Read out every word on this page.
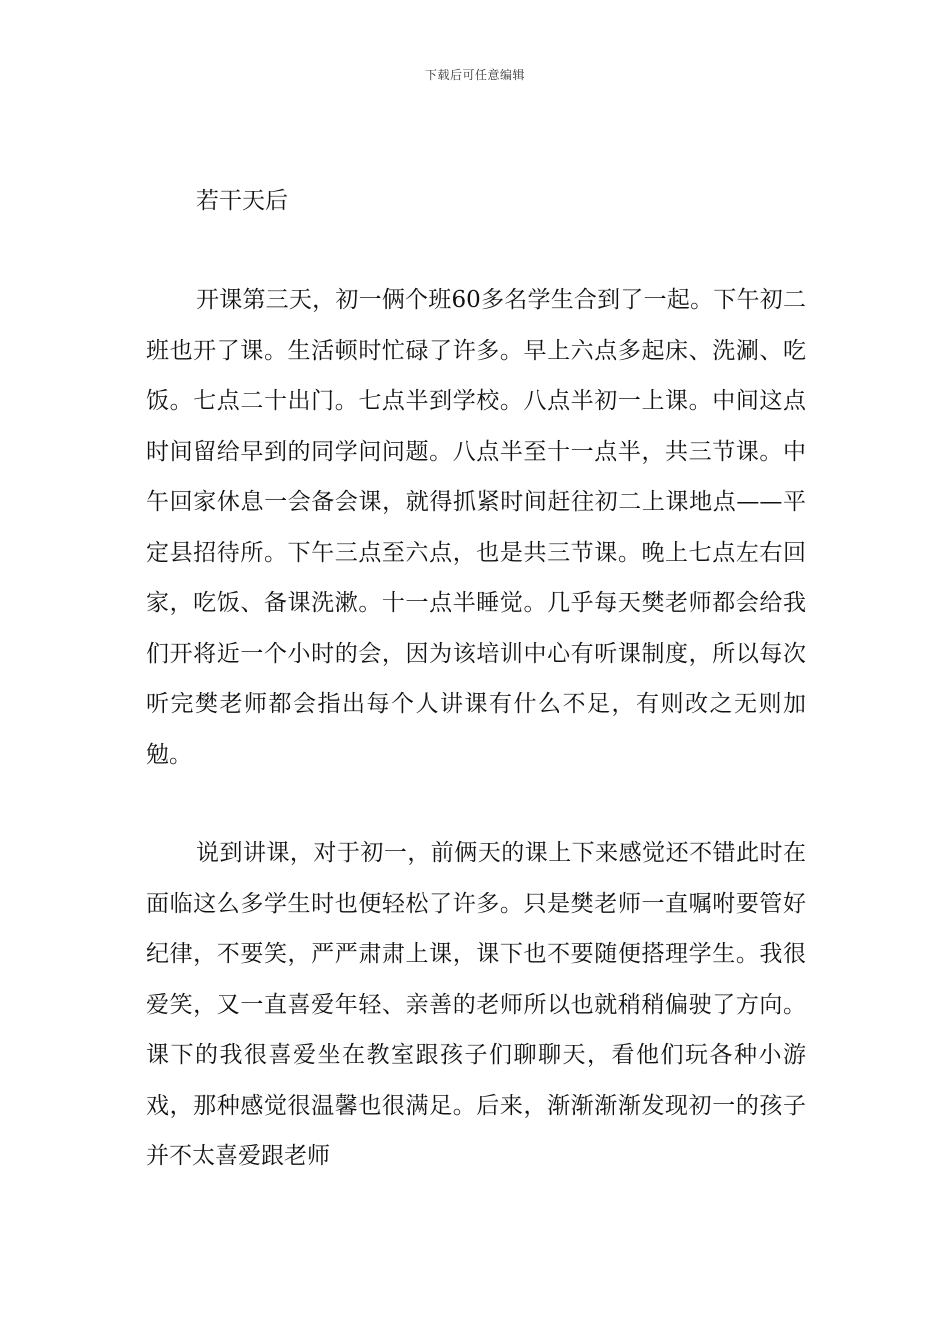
下载后可任意编辑
若干天后

开课第三天，初一俩个班60多名学生合到了一起。下午初二班也开了课。生活顿时忙碌了许多。早上六点多起床、洗涮、吃饭。七点二十出门。七点半到学校。八点半初一上课。中间这点时间留给早到的同学问问题。八点半至十一点半，共三节课。中午回家休息一会备会课，就得抓紧时间赶往初二上课地点——平定县招待所。下午三点至六点，也是共三节课。晚上七点左右回家，吃饭、备课洗漱。十一点半睡觉。几乎每天樊老师都会给我们开将近一个小时的会，因为该培训中心有听课制度，所以每次听完樊老师都会指出每个人讲课有什么不足，有则改之无则加勉。

说到讲课，对于初一，前俩天的课上下来感觉还不错此时在面临这么多学生时也便轻松了许多。只是樊老师一直嘱咐要管好纪律，不要笑，严严肃肃上课，课下也不要随便搭理学生。我很爱笑，又一直喜爱年轻、亲善的老师所以也就稍稍偏驶了方向。课下的我很喜爱坐在教室跟孩子们聊聊天，看他们玩各种小游戏，那种感觉很温馨也很满足。后来，渐渐渐渐发现初一的孩子并不太喜爱跟老师
